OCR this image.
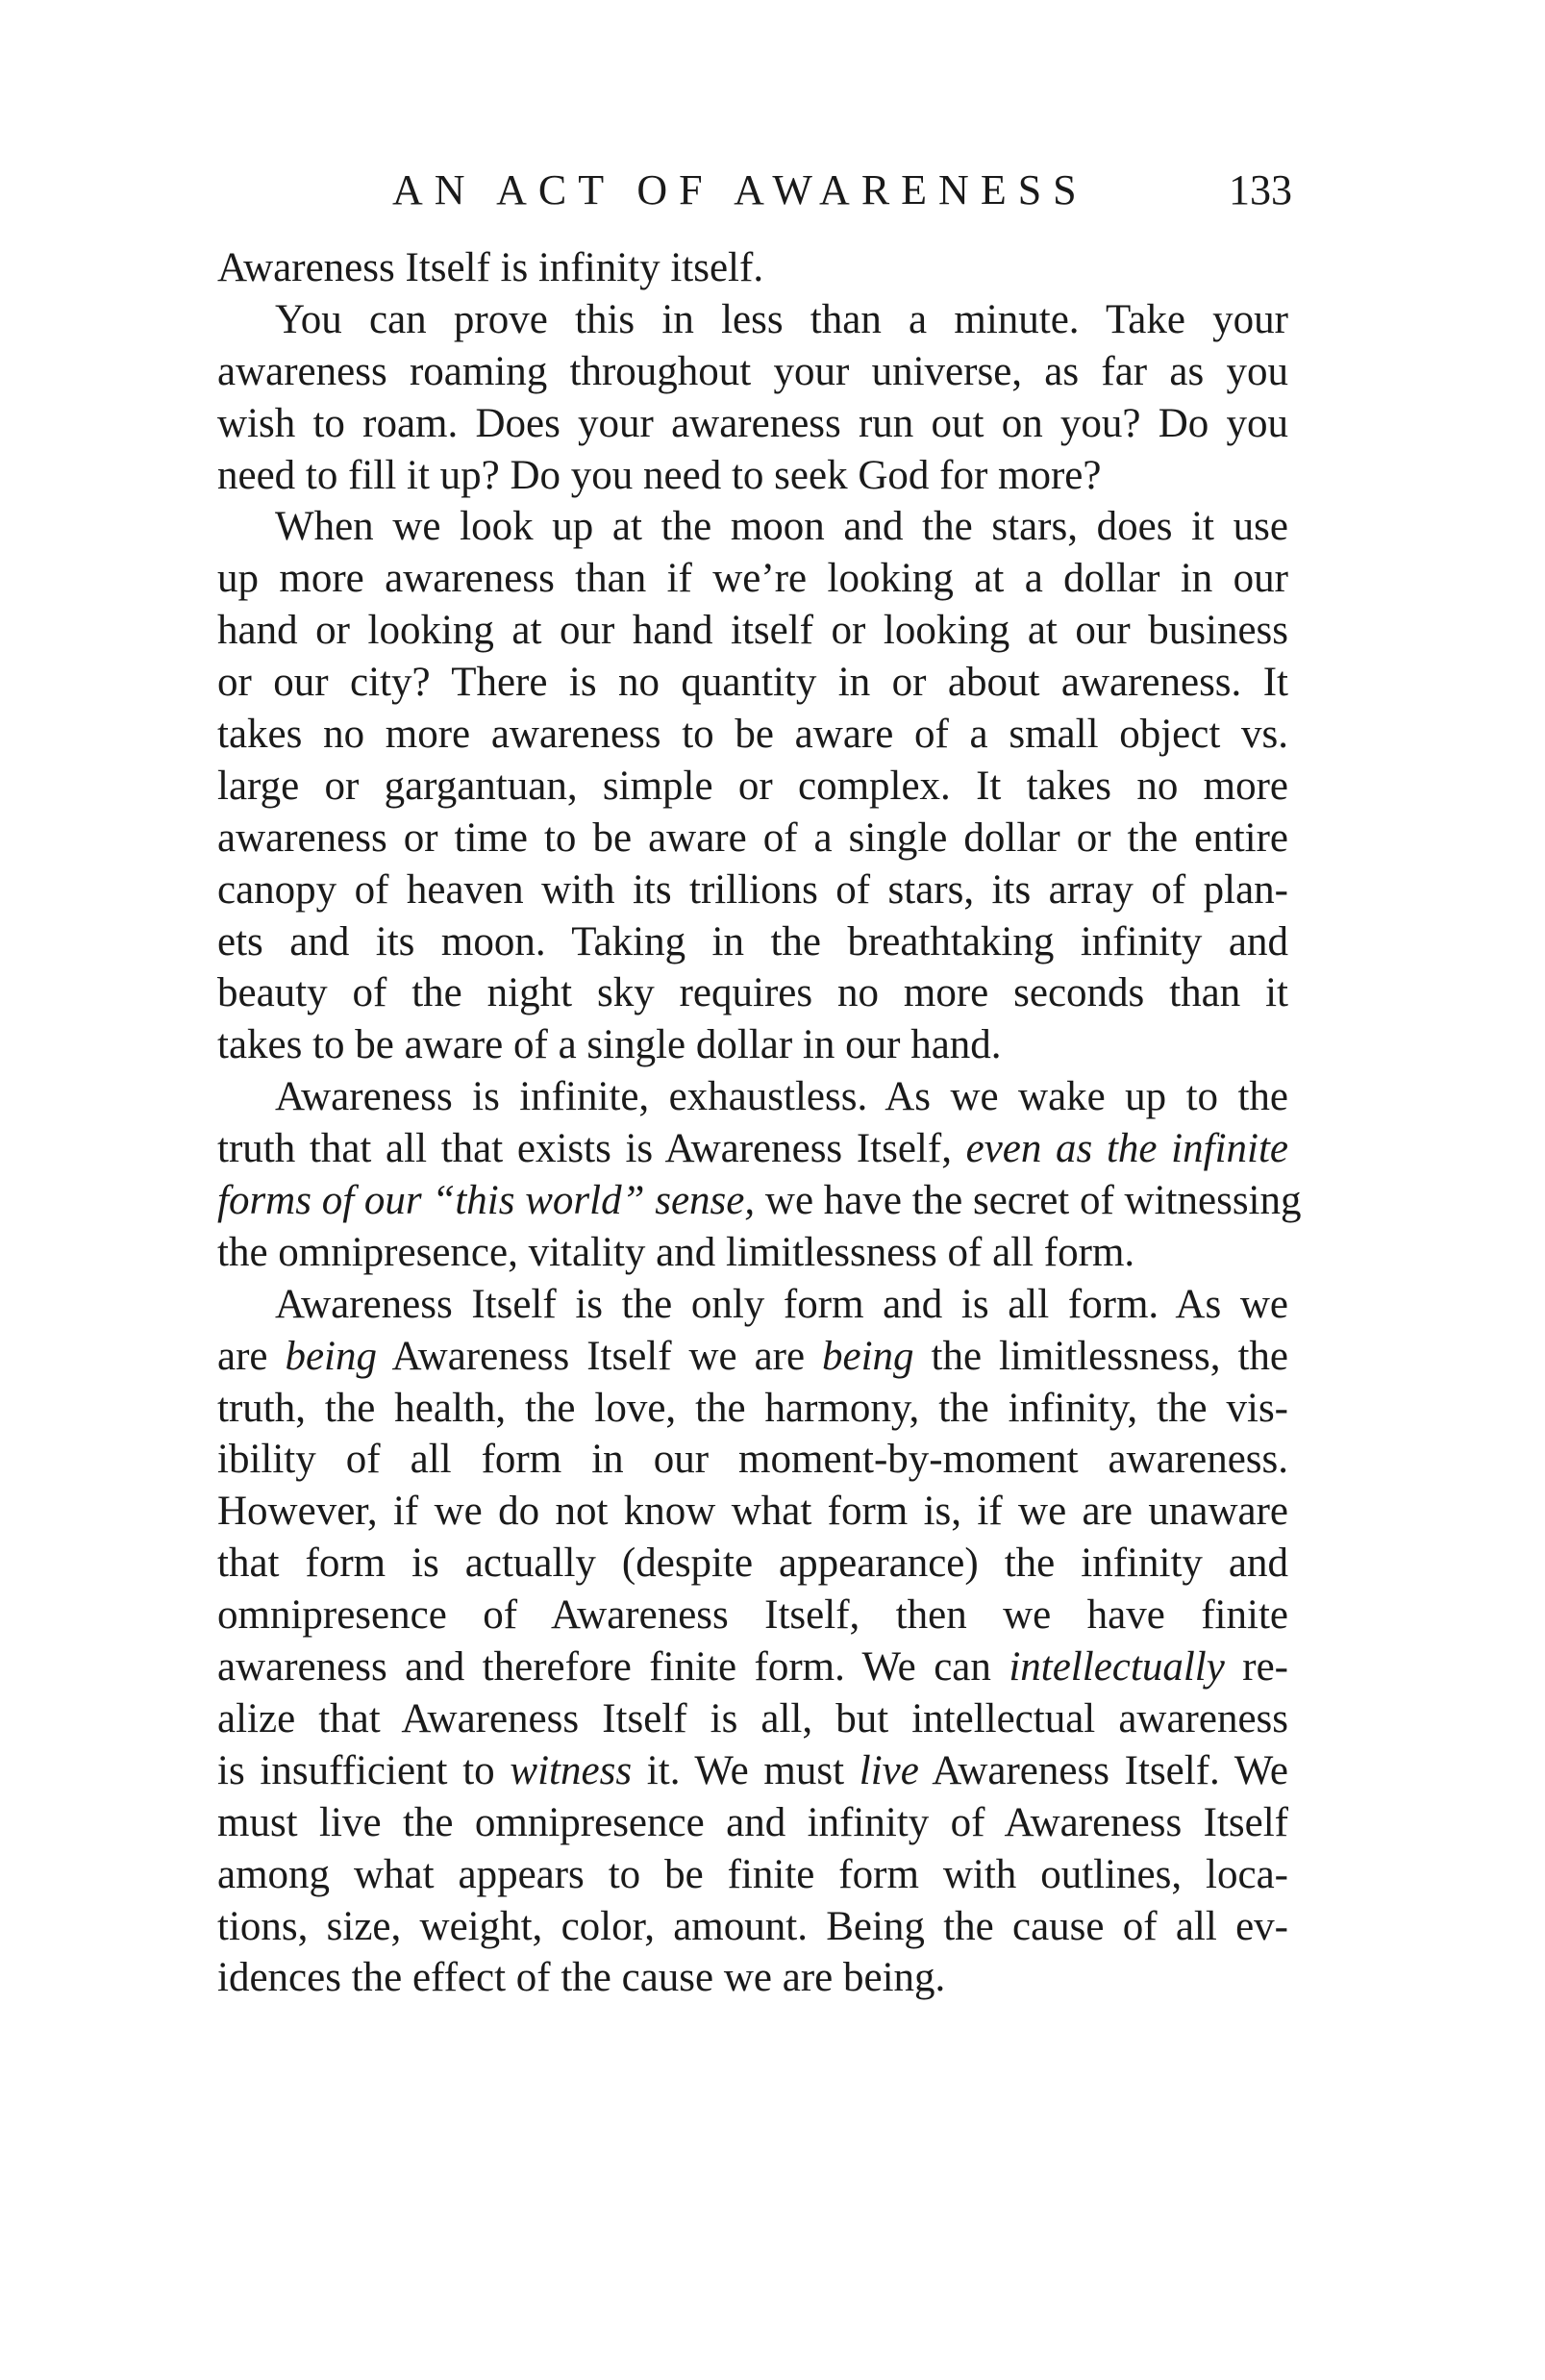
AN ACT OF AWARENESS	133
Awareness Itself is infinity itself.
You can prove this in less than a minute. Take your
awareness roaming throughout your universe, as far as you
wish to roam. Does your awareness run out on you? Do you
need to fill it up? Do you need to seek God for more?
When we look up at the moon and the stars, does it use
up more awareness than if we’re looking at a dollar in our
hand or looking at our hand itself or looking at our business
or our city? There is no quantity in or about awareness. It
takes no more awareness to be aware of a small object vs.
large or gargantuan, simple or complex. It takes no more
awareness or time to be aware of a single dollar or the entire
canopy of heaven with its trillions of stars, its array of plan-
ets and its moon. Taking in the breathtaking infinity and
beauty of the night sky requires no more seconds than it
takes to be aware of a single dollar in our hand.
Awareness is infinite, exhaustless. As we wake up to the
truth that all that exists is Awareness Itself, even as the infinite
forms of our “this world” sense, we have the secret of witnessing
the omnipresence, vitality and limitlessness of all form.
Awareness Itself is the only form and is all form. As we
are being Awareness Itself we are being the limitlessness, the
truth, the health, the love, the harmony, the infinity, the vis-
ibility of all form in our moment-by-moment awareness.
However, if we do not know what form is, if we are unaware
that form is actually (despite appearance) the infinity and
omnipresence of Awareness Itself, then we have finite
awareness and therefore finite form. We can intellectually re-
alize that Awareness Itself is all, but intellectual awareness
is insufficient to witness it. We must live Awareness Itself. We
must live the omnipresence and infinity of Awareness Itself
among what appears to be finite form with outlines, loca-
tions, size, weight, color, amount. Being the cause of all ev-
idences the effect of the cause we are being.
